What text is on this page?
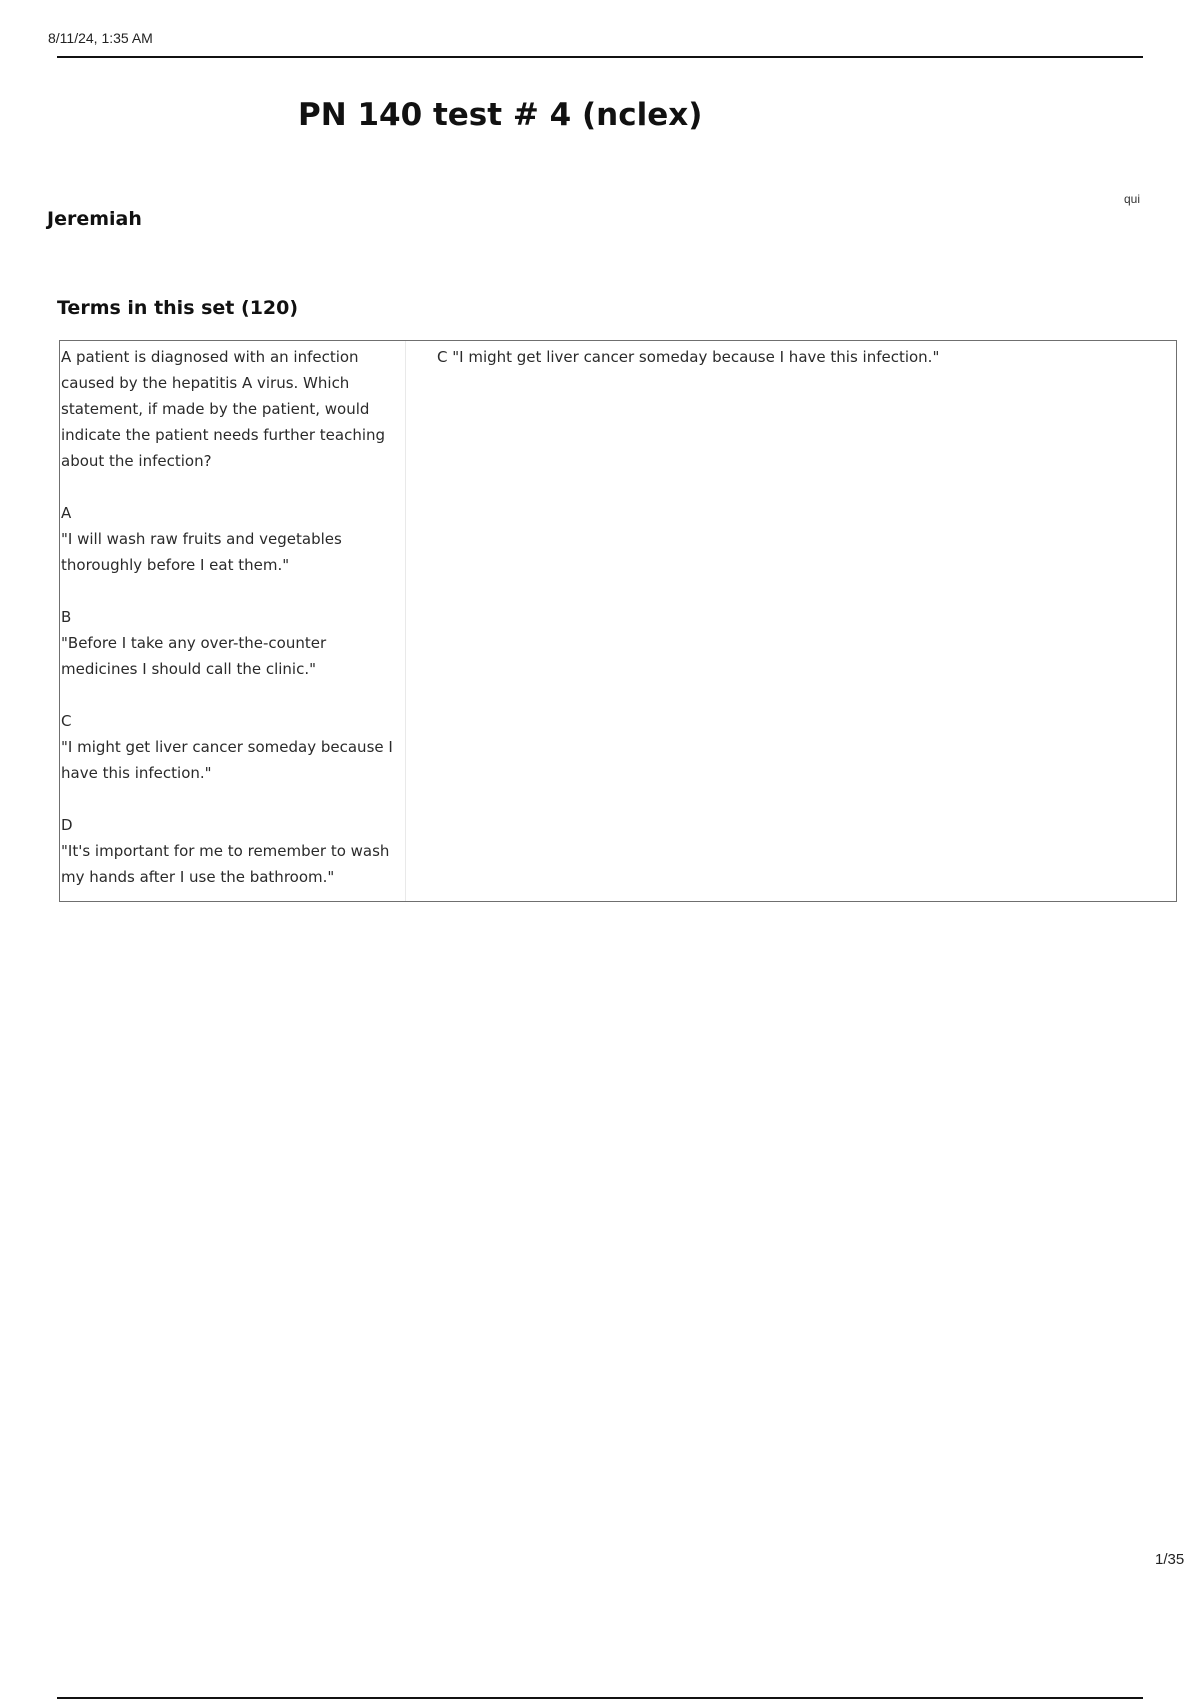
8/11/24, 1:35 AM
PN 140 test # 4 (nclex)
qui
Jeremiah
Terms in this set (120)

A patient is diagnosed with an infection

caused by the hepatitis A virus. Which

statement, if made by the patient, would

indicate the patient needs further teaching

about the infection?

A

"I will wash raw fruits and vegetables

thoroughly before I eat them."

B

"Before I take any over-the-counter

medicines I should call the clinic."

C

"I might get liver cancer someday because I

have this infection."

D

"It's important for me to remember to wash

my hands after I use the bathroom."

C "I might get liver cancer someday because I have this infection."
1/35
